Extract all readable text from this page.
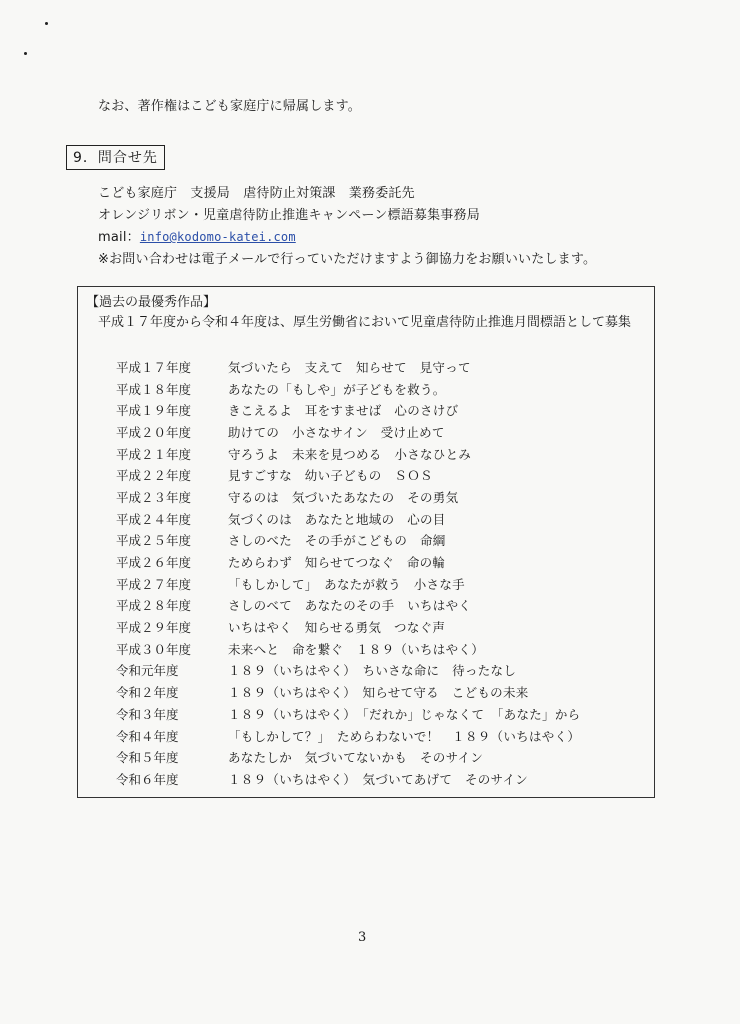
なお、著作権はこども家庭庁に帰属します。
9．問合せ先
こども家庭庁　支援局　虐待防止対策課　業務委託先
オレンジリボン・児童虐待防止推進キャンペーン標語募集事務局
mail：info@kodomo-katei.com
※お問い合わせは電子メールで行っていただけますよう御協力をお願いいたします。
【過去の最優秀作品】
平成１７年度から令和４年度は、厚生労働省において児童虐待防止推進月間標語として募集
平成１７年度	気づいたら　支えて　知らせて　見守って
平成１８年度	あなたの「もしや」が子どもを救う。
平成１９年度	きこえるよ　耳をすませば　心のさけび
平成２０年度	助けての　小さなサイン　受け止めて
平成２１年度	守ろうよ　未来を見つめる　小さなひとみ
平成２２年度	見すごすな　幼い子どもの　ＳＯＳ
平成２３年度	守るのは　気づいたあなたの　その勇気
平成２４年度	気づくのは　あなたと地域の　心の目
平成２５年度	さしのべた　その手がこどもの　命綱
平成２６年度	ためらわず　知らせてつなぐ　命の輪
平成２７年度	「もしかして」　あなたが救う　小さな手
平成２８年度	さしのべて　あなたのその手　いちはやく
平成２９年度	いちはやく　知らせる勇気　つなぐ声
平成３０年度	未来へと　命を繋ぐ　１８９（いちはやく）
令和元年度	１８９（いちはやく）　ちいさな命に　待ったなし
令和２年度	１８９（いちはやく）　知らせて守る　こどもの未来
令和３年度	１８９（いちはやく）　「だれか」じゃなくて　「あなた」から
令和４年度	「もしかして？」　ためらわないで！　１８９（いちはやく）
令和５年度	あなたしか　気づいてないかも　そのサイン
令和６年度	１８９（いちはやく）　気づいてあげて　そのサイン
3
